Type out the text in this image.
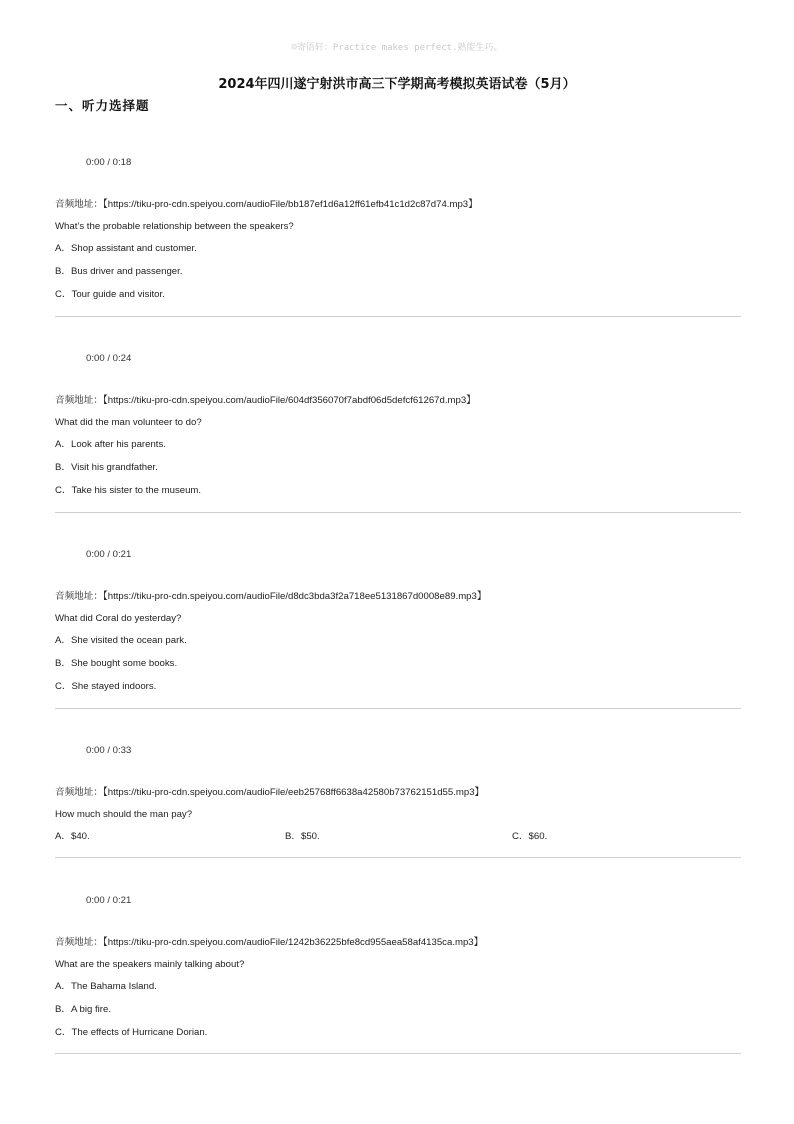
☺寄语轩：Practice makes perfect.熟能生巧。
2024年四川遂宁射洪市高三下学期高考模拟英语试卷（5月）
一、听力选择题
0:00 / 0:18
音频地址：【https://tiku-pro-cdn.speiyou.com/audioFile/bb187ef1d6a12ff61efb41c1d2c87d74.mp3】
What’s the probable relationship between the speakers?
A．Shop assistant and customer.
B．Bus driver and passenger.
C．Tour guide and visitor.
0:00 / 0:24
音频地址：【https://tiku-pro-cdn.speiyou.com/audioFile/604df356070f7abdf06d5defcf61267d.mp3】
What did the man volunteer to do?
A．Look after his parents.
B．Visit his grandfather.
C．Take his sister to the museum.
0:00 / 0:21
音频地址：【https://tiku-pro-cdn.speiyou.com/audioFile/d8dc3bda3f2a718ee5131867d0008e89.mp3】
What did Coral do yesterday?
A．She visited the ocean park.
B．She bought some books.
C．She stayed indoors.
0:00 / 0:33
音频地址：【https://tiku-pro-cdn.speiyou.com/audioFile/eeb25768ff6638a42580b73762151d55.mp3】
How much should the man pay?
A．$40.	B．$50.	C．$60.
0:00 / 0:21
音频地址：【https://tiku-pro-cdn.speiyou.com/audioFile/1242b36225bfe8cd955aea58af4135ca.mp3】
What are the speakers mainly talking about?
A．The Bahama Island.
B．A big fire.
C．The effects of Hurricane Dorian.
